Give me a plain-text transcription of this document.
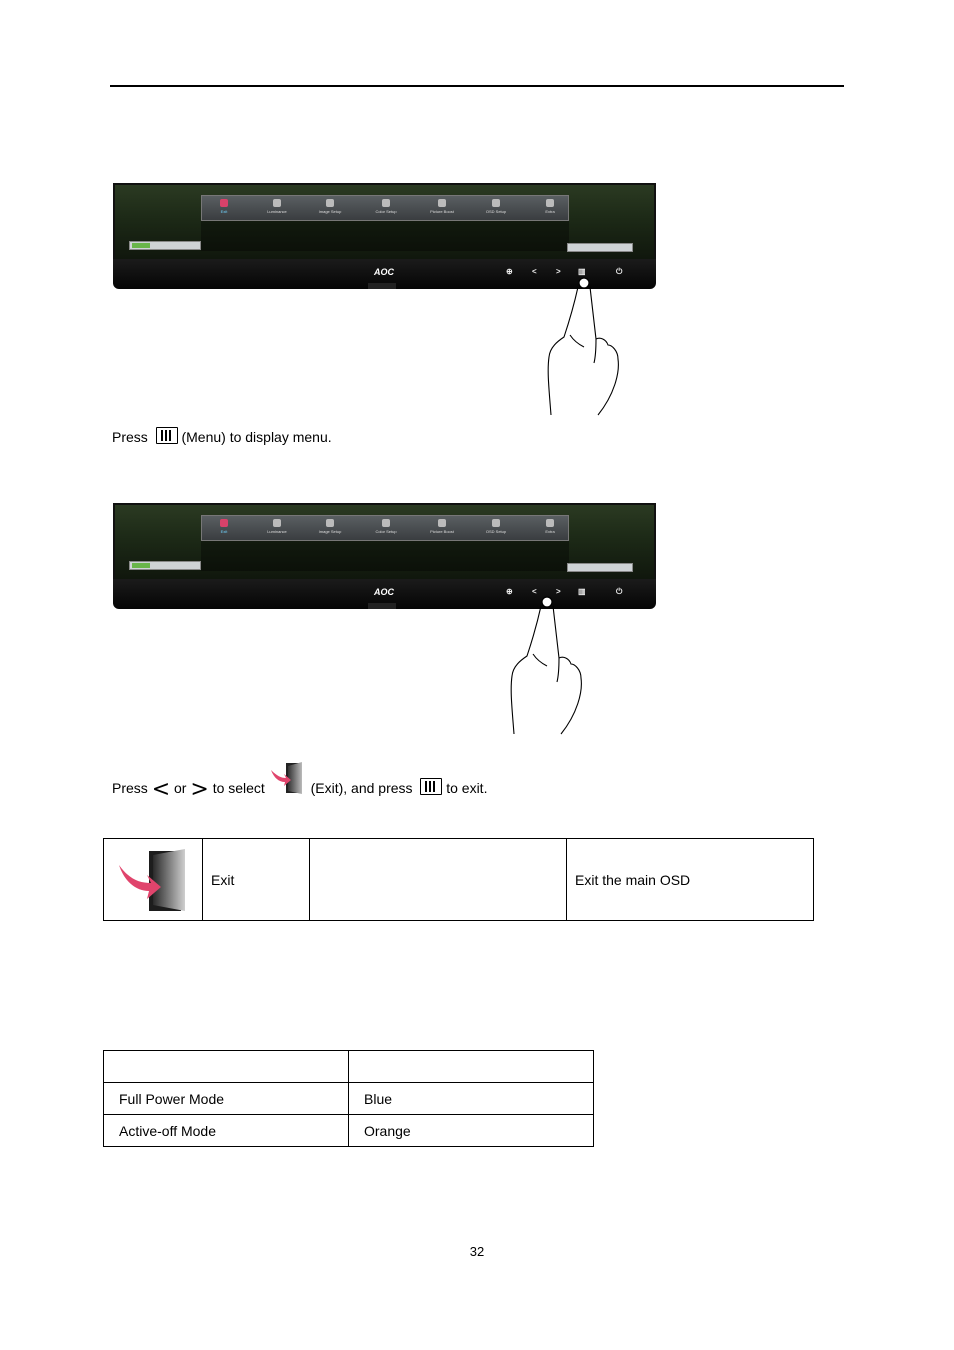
Exit	Luminance	Image Setup	Color Setup	Picture Boost	OSD Setup	Extra
AOC	⊕ < > ▥	⏻
Press (Menu) to display menu.
Exit	Luminance	Image Setup	Color Setup	Picture Boost	OSD Setup	Extra
AOC	⊕ < > ▥	⏻
Press < or > to select	(Exit), and press to exit.
	Exit		Exit the main OSD

Full Power Mode	Blue
Active-off Mode	Orange
32
